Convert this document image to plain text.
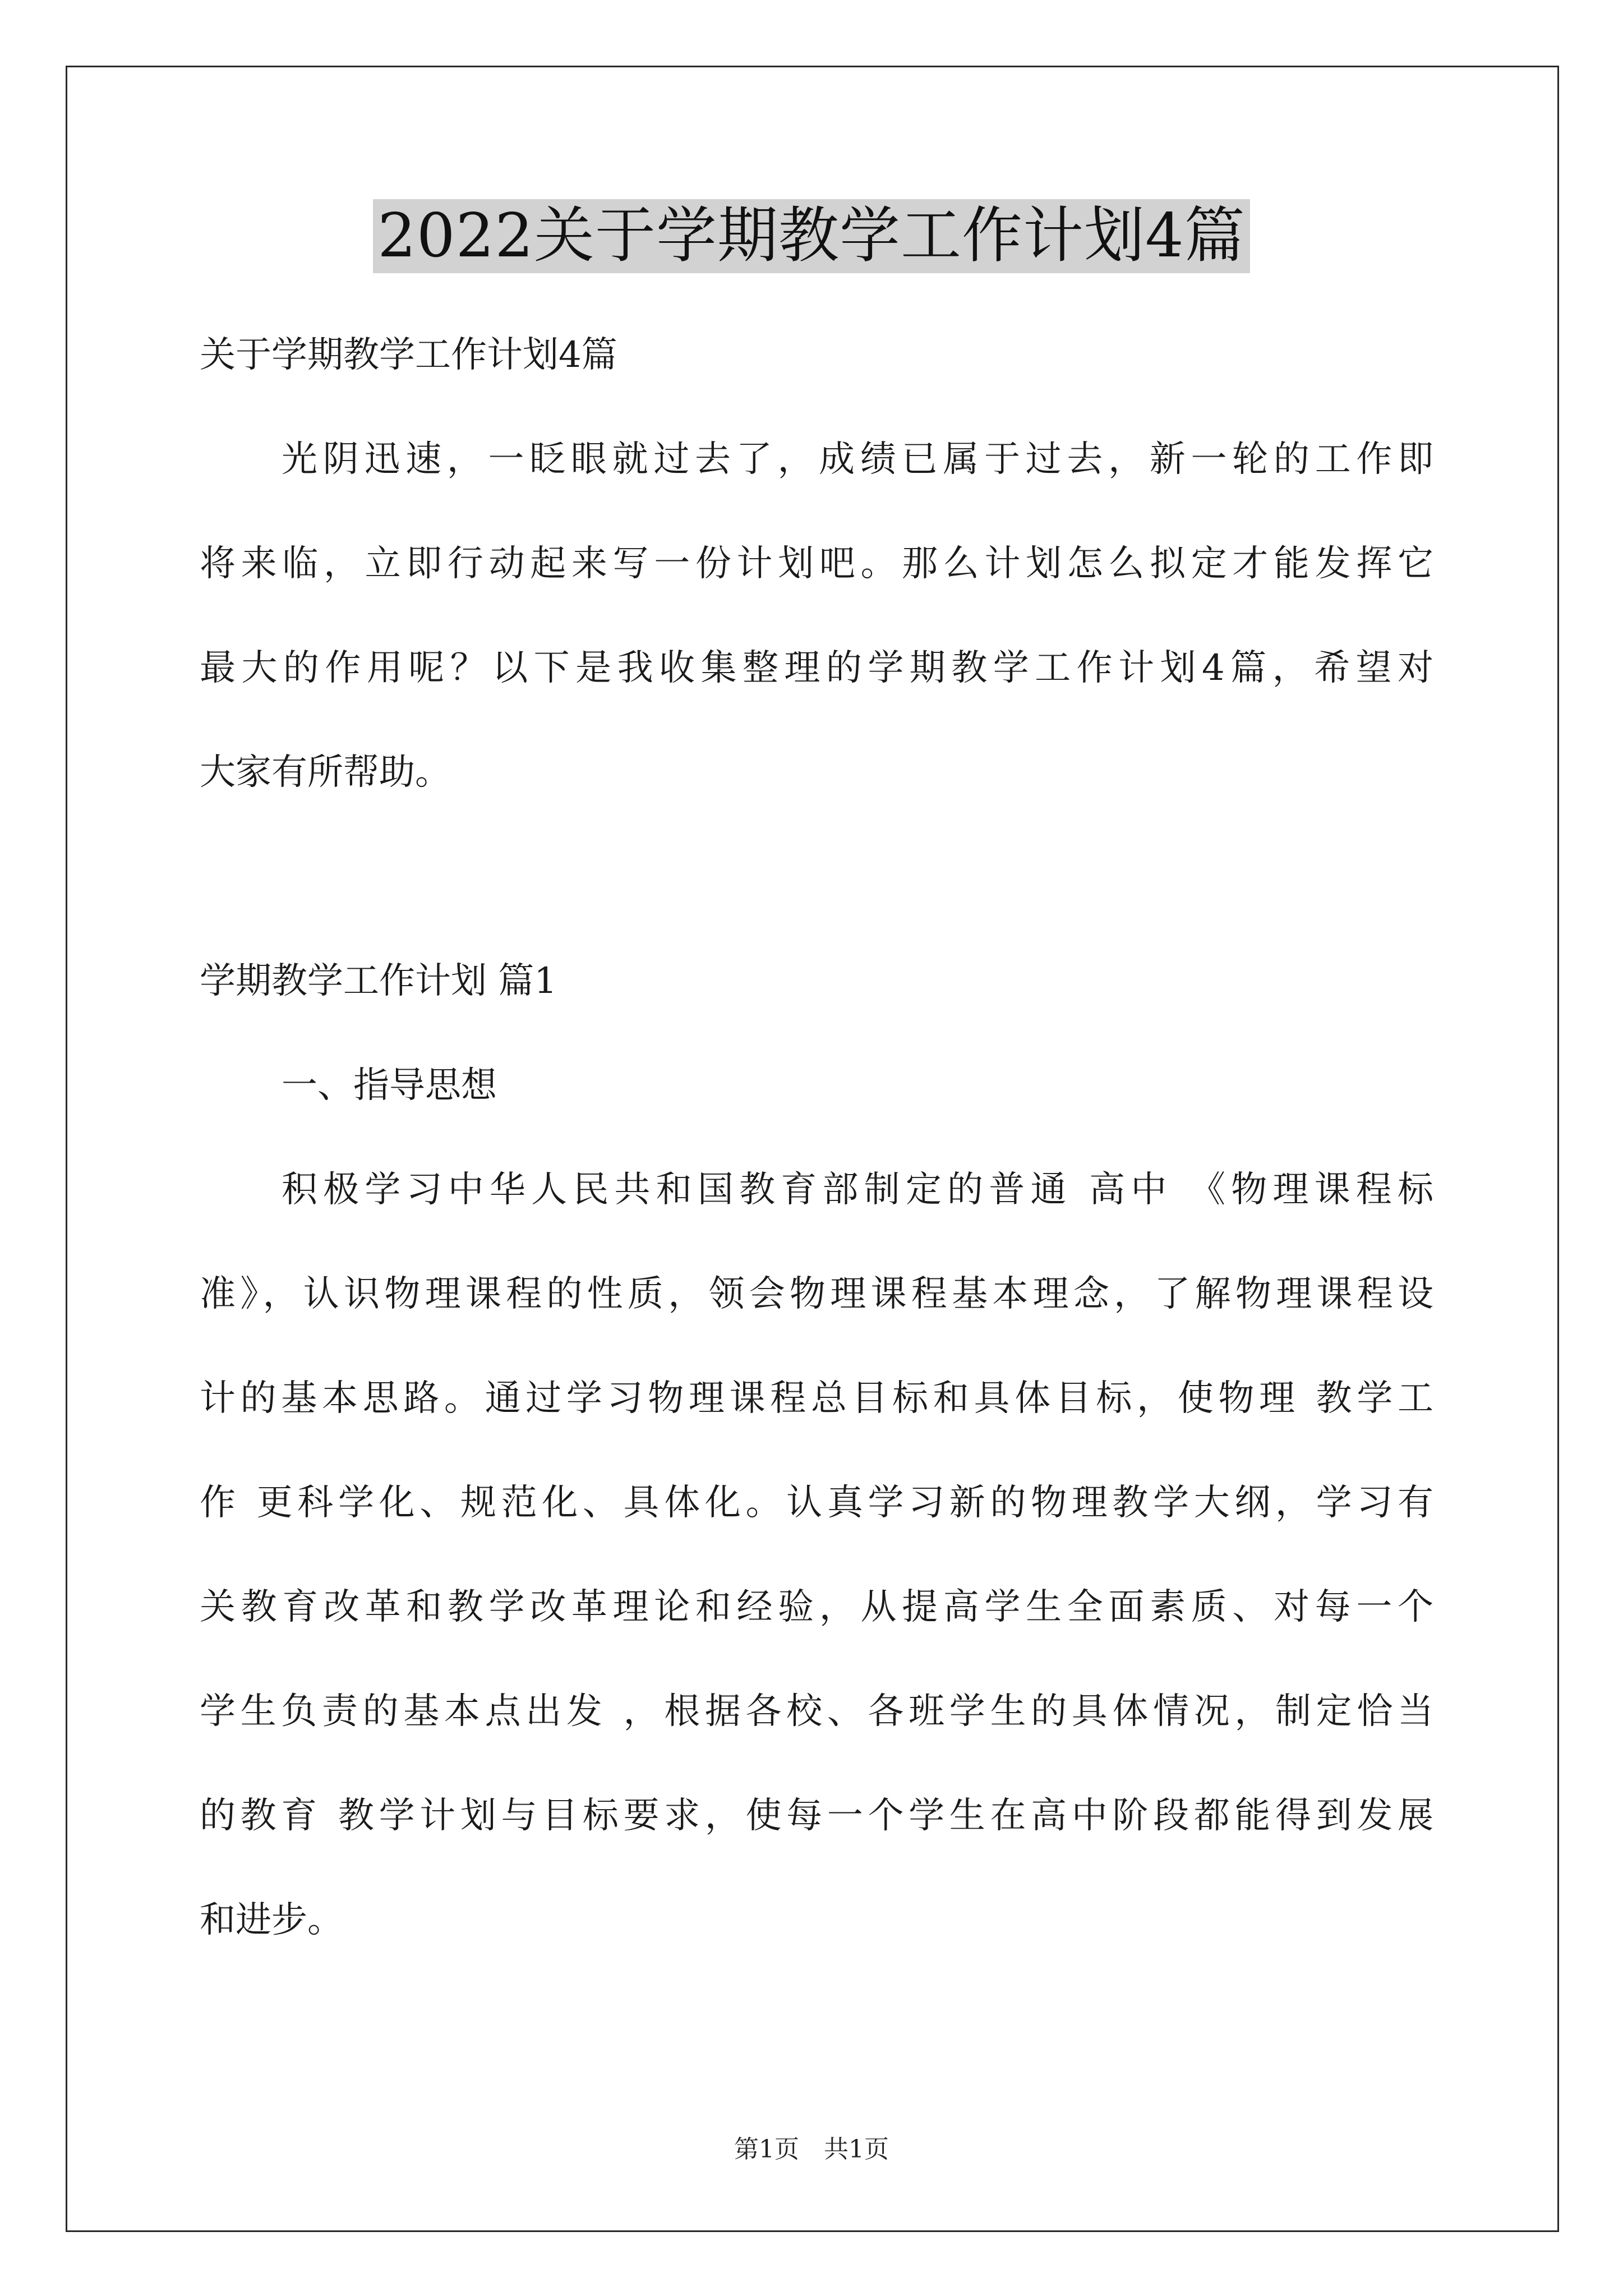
2022关于学期教学工作计划4篇

关于学期教学工作计划4篇

光阴迅速，一眨眼就过去了，成绩已属于过去，新一轮的工作即

将来临，立即行动起来写一份计划吧。那么计划怎么拟定才能发挥它

最大的作用呢？以下是我收集整理的学期教学工作计划4篇，希望对

大家有所帮助。

学期教学工作计划 篇1

一、指导思想

积极学习中华人民共和国教育部制定的普通 高中 《物理课程标

准》，认识物理课程的性质，领会物理课程基本理念，了解物理课程设

计的基本思路。通过学习物理课程总目标和具体目标，使物理 教学工

作 更科学化、规范化、具体化。认真学习新的物理教学大纲，学习有

关教育改革和教学改革理论和经验，从提高学生全面素质、对每一个

学生负责的基本点出发 ，根据各校、各班学生的具体情况，制定恰当

的教育 教学计划与目标要求，使每一个学生在高中阶段都能得到发展

和进步。

第1页　共1页
